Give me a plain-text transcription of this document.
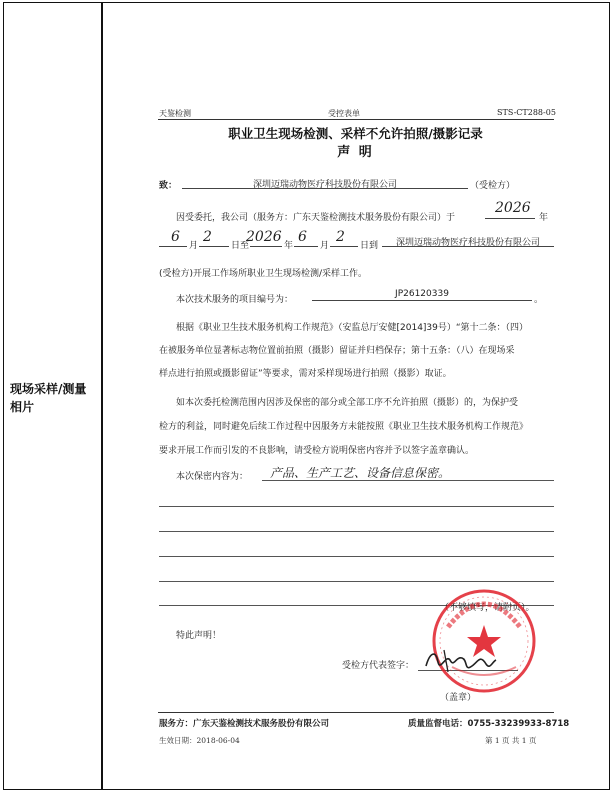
现场采样/测量相片
天鉴检测	受控表单	STS-CT288-05
职业卫生现场检测、采样不允许拍照/摄影记录
声 明
致：	深圳迈瑞动物医疗科技股份有限公司	（受检方）
因受委托，我公司（服务方：广东天鉴检测技术服务股份有限公司）于
2026
年
6
月
2
日至
2026
年
6
月
2
日到	深圳迈瑞动物医疗科技股份有限公司
(受检方)开展工作场所职业卫生现场检测/采样工作。
本次技术服务的项目编号为：
JP26120339
。
根据《职业卫生技术服务机构工作规范》（安监总厅安健[2014]39号）“第十二条：（四）
在被服务单位显著标志物位置前拍照（摄影）留证并归档保存；第十五条：（八）在现场采
样点进行拍照或摄影留证”等要求，需对采样现场进行拍照（摄影）取证。
如本次委托检测范围内因涉及保密的部分或全部工序不允许拍照（摄影）的，为保护受
检方的利益，同时避免后续工作过程中因服务方未能按照《职业卫生技术服务机构工作规范》
要求开展工作而引发的不良影响，请受检方说明保密内容并予以签字盖章确认。
本次保密内容为： 产品、生产工艺、设备信息保密。
（不够填写，请附页）。
特此声明！
受检方代表签字：
（盖章）
服务方：广东天鉴检测技术服务股份有限公司	质量监督电话：0755-33239933-8718
生效日期：2018-06-04	第 1 页 共 1 页
